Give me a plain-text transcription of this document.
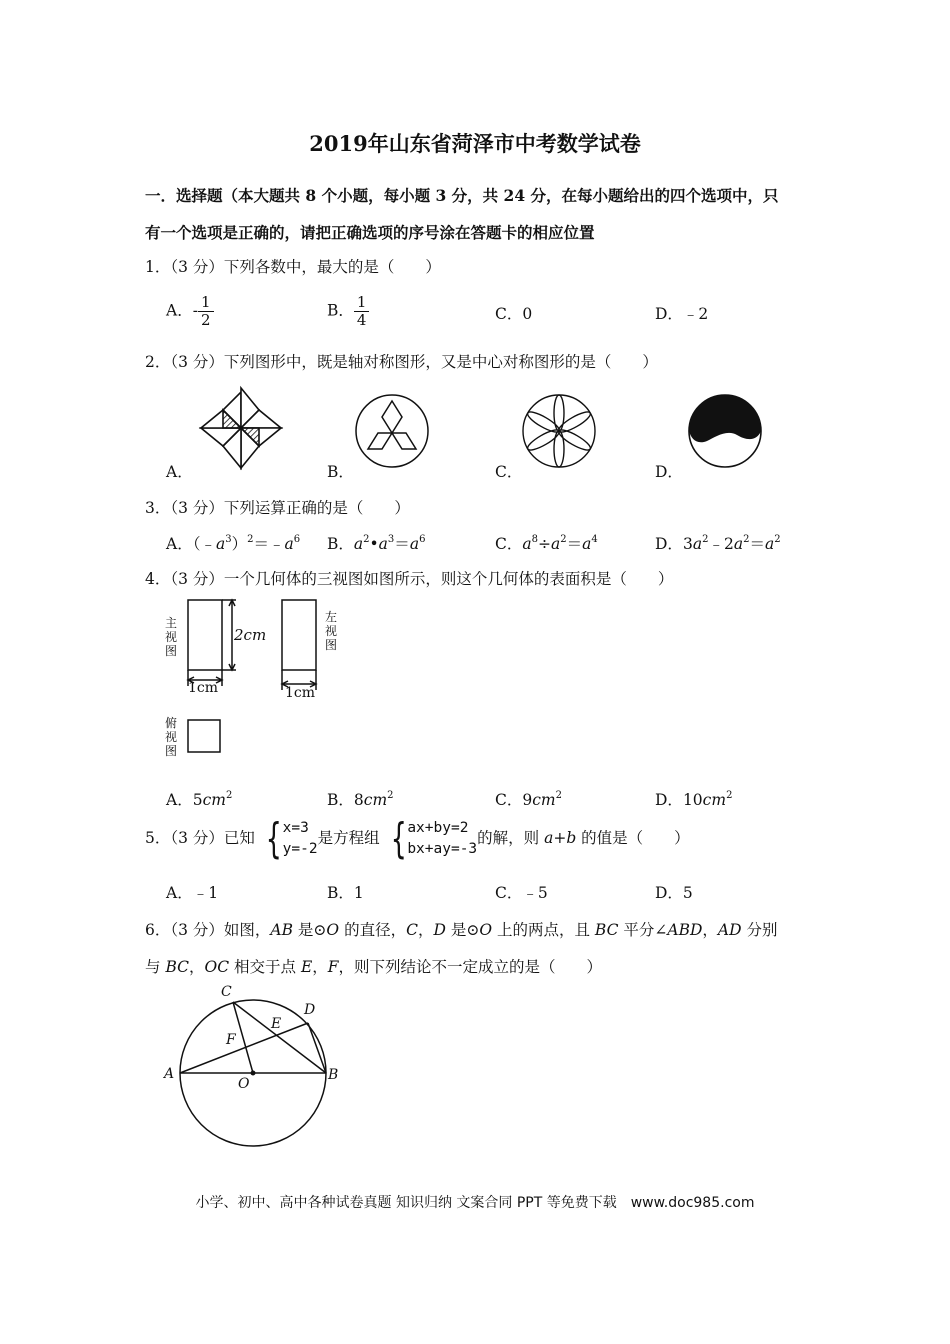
2019年山东省菏泽市中考数学试卷
一．选择题（本大题共 8 个小题，每小题 3 分，共 24 分，在每小题给出的四个选项中，只
有一个选项是正确的，请把正确选项的序号涂在答题卡的相应位置
1．（3 分）下列各数中，最大的是（　　）
A．- $\frac{1}{2}$	B． $\frac{1}{4}$	C．0	D．﹣2
2．（3 分）下列图形中，既是轴对称图形，又是中心对称图形的是（　　）
A．	B．	C．	D．
3．（3 分）下列运算正确的是（　　）
A．$(﹣a^3)^2=﹣a^6$ B．$a^2•a^3=a^6$	C．$a^8\div a^2=a^4$	D．$3a^2﹣2a^2=a^2$
4．（3 分）一个几何体的三视图如图所示，则这个几何体的表面积是（　　）
主视图
左视图
俯视图
2cm
1cm	1cm
A．$5cm^2$	B．$8cm^2$	C．$9cm^2$	D．$10cm^2$
5．（3 分）已知 { x=3
y=-2
是方程组 { ax+by=2
bx+ay=-3
的解，则 a+b 的值是（　　）
A．﹣1	B．1	C．﹣5	D．5
6．（3 分）如图，AB 是⊙O 的直径，C，D 是⊙O 上的两点，且 BC 平分∠ABD，AD 分别
与 BC，OC 相交于点 E，F，则下列结论不一定成立的是（　　）
A	B
C
D
E
F
O
小学、初中、高中各种试卷真题 知识归纳 文案合同 PPT 等免费下载　www.doc985.com
